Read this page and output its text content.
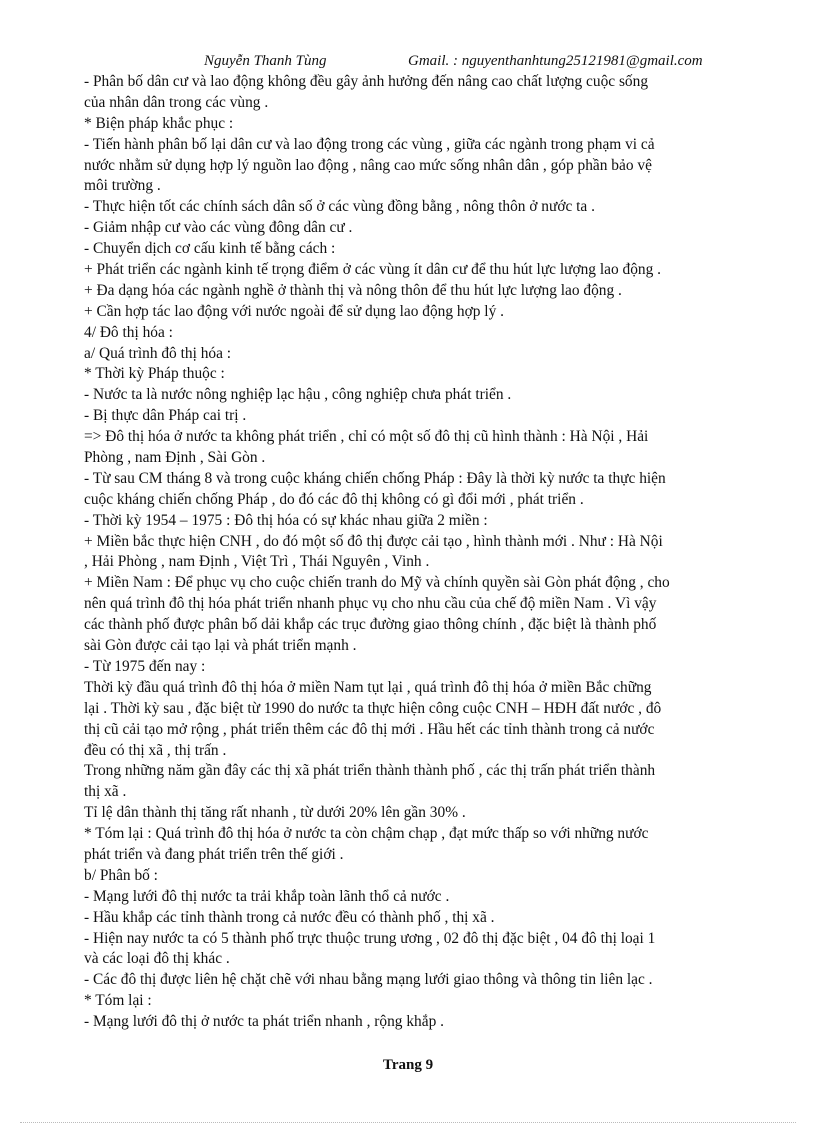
Nguyễn Thanh Tùng	Gmail. : nguyenthanhtung25121981@gmail.com
- Phân bố dân cư và lao động không đều gây ảnh hưởng đến nâng cao chất lượng cuộc sống
của nhân dân trong các vùng .
* Biện pháp khắc phục :
- Tiến hành phân bố lại dân cư và lao động trong các vùng , giữa các ngành trong phạm vi cả
nước nhằm sử dụng hợp lý nguồn lao động , nâng cao mức sống nhân dân , góp phần bảo vệ
môi trường .
- Thực hiện tốt các chính sách dân số ở các vùng đồng bằng , nông thôn ở nước ta .
- Giảm nhập cư vào các vùng đông dân cư .
- Chuyển dịch cơ cấu kinh tế bằng cách :
+ Phát triển các ngành kinh tế trọng điểm ở các vùng ít dân cư để thu hút lực lượng lao động .
+ Đa dạng hóa các ngành nghề ở thành thị và nông thôn để thu hút lực lượng lao động .
+ Cần hợp tác lao động với nước ngoài để sử dụng lao động hợp lý .
4/ Đô thị hóa :
a/ Quá trình đô thị hóa :
* Thời kỳ Pháp thuộc :
- Nước ta là nước nông nghiệp lạc hậu , công nghiệp chưa phát triển .
- Bị thực dân Pháp cai trị .
=> Đô thị hóa ở nước ta không phát triển , chỉ có một số đô thị cũ hình thành : Hà Nội , Hải
Phòng , nam Định , Sài Gòn .
- Từ sau CM tháng 8 và trong cuộc kháng chiến chống Pháp : Đây là thời kỳ nước ta thực hiện
cuộc kháng chiến chống Pháp , do đó các đô thị không có gì đổi mới , phát triển .
- Thời kỳ 1954 – 1975 : Đô thị hóa có sự khác nhau giữa 2 miền :
+ Miền bắc thực hiện CNH , do đó một số đô thị được cải tạo , hình thành mới . Như : Hà Nội
, Hải Phòng , nam Định , Việt Trì , Thái Nguyên , Vinh .
+ Miền Nam : Để phục vụ cho cuộc chiến tranh do Mỹ và chính quyền sài Gòn phát động , cho
nên quá trình đô thị hóa phát triển nhanh phục vụ cho nhu cầu của chế độ miền Nam . Vì vậy
các thành phố được phân bố dải khắp các trục đường giao thông chính , đặc biệt là thành phố
sài Gòn được cải tạo lại và phát triển mạnh .
- Từ 1975 đến nay :
Thời kỳ đầu quá trình đô thị hóa ở miền Nam tụt lại , quá trình đô thị hóa ở miền Bắc chững
lại . Thời kỳ sau , đặc biệt từ 1990 do nước ta thực hiện công cuộc CNH – HĐH đất nước , đô
thị cũ cải tạo mở rộng , phát triển thêm các đô thị mới . Hầu hết các tỉnh thành trong cả nước
đều có thị xã , thị trấn .
Trong những năm gần đây các thị xã phát triển thành thành phố , các thị trấn phát triển thành
thị xã .
Tỉ lệ dân thành thị tăng rất nhanh , từ dưới 20% lên gần 30% .
* Tóm lại : Quá trình đô thị hóa ở nước ta còn chậm chạp , đạt mức thấp so với những nước
phát triển và đang phát triển trên thế giới .
b/ Phân bố :
- Mạng lưới đô thị nước ta trải khắp toàn lãnh thổ cả nước .
- Hầu khắp các tỉnh thành trong cả nước đều có thành phố , thị xã .
- Hiện nay nước ta có 5 thành phố trực thuộc trung ương , 02 đô thị đặc biệt , 04 đô thị loại 1
và các loại đô thị khác .
- Các đô thị được liên hệ chặt chẽ với nhau bằng mạng lưới giao thông và thông tin liên lạc .
* Tóm lại :
- Mạng lưới đô thị ở nước ta phát triển nhanh , rộng khắp .
Trang 9
